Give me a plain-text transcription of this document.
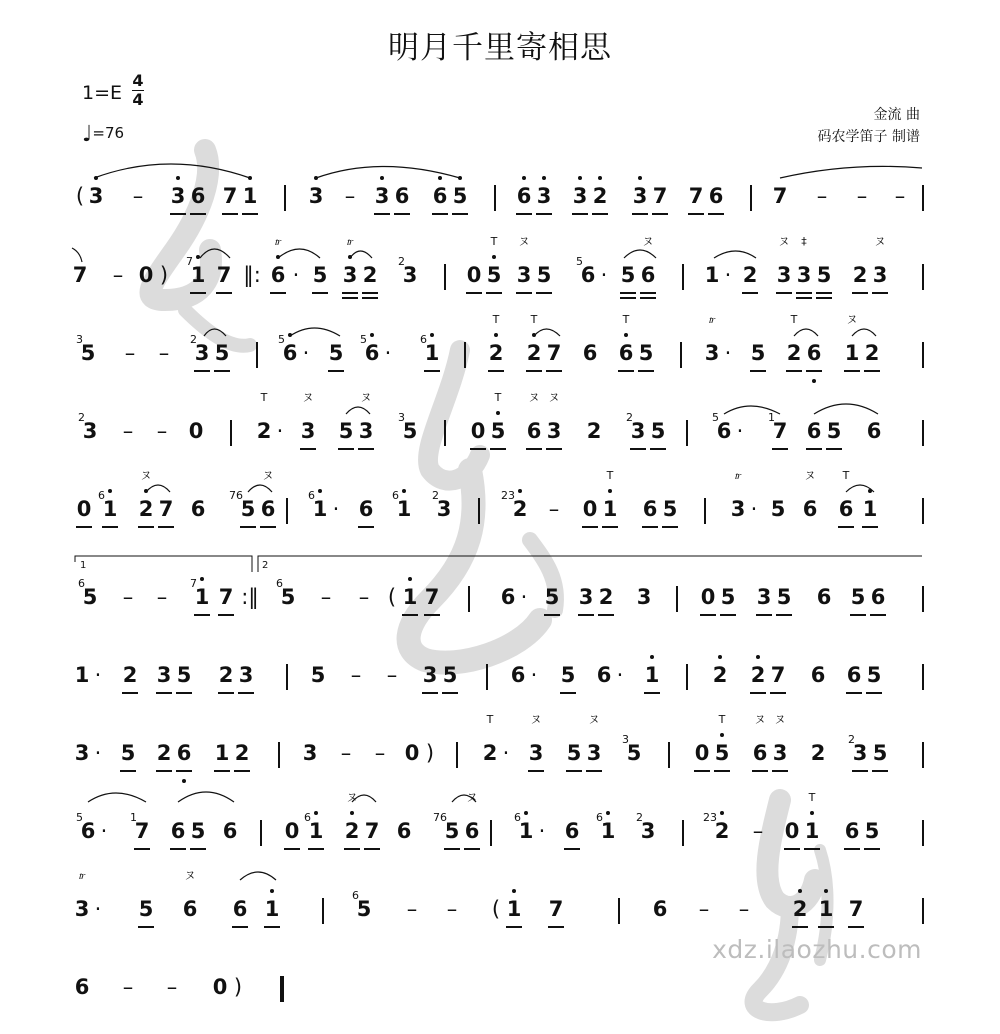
明月千里寄相思
1=E
4
4
♩=76
金流 曲
码农学笛子 制谱
( 3 – 3 6 7 1 3 – 3 6 6 5 6 3 3 2 3 7 7 6 7 – – –
7 – 0 ) 1
7
7 ‖: 6
𝆖
· 5 3
𝆖
2 3
2
0 5
T
3
ヌ
5 6
5
· 5 6
ヌ
1 · 2 3
ヌ
3
‡
5 2 3
ヌ
5
3
– – 3
2
5	6
5
· 5 6
5
·	1
6
2
T
2
T
7 6 6
T
5 3
𝆖
· 5 2
T
6 1
ヌ
2
3
2
– – 0	2
T
· 3
ヌ
5 3
ヌ
5
3
0 5
T
6
ヌ
3
ヌ
2 3
2
5 6
5
·	7
1
6 5 6
0 1
6
2
ヌ
7 6 5
76
6
ヌ
1
6
· 6 1
6
3
2
2
23
– 0 1
T
6 5	3
𝆖
· 5 6
ヌ
6
T
1
5
6
– – 1
7
7 :‖ 5
6
– – ( 1 7	6 · 5 3 2 3 0 5 3 5 6 5 6
1 ·	2 3 5 2 3	5 – – 3 5	6 ·	5 6 ·	1	2 2 7 6 6 5
3 · 5 2 6 1 2	3 – – 0 ) 2
T
· 3
ヌ
5 3
ヌ
5
3
0 5
T
6
ヌ
3
ヌ
2 3
2
5
6
5
·	7
1
6 5 6 0 1
6
2
ヌ
7 6 5
76
6
ヌ
1
6
· 6 1
6
3
2
2
23
– 0 1
T
6 5
3
𝆖
·	5 6
ヌ
6 1	5
6
– – ( 1 7	6 – – 2 1 7
6 – – 0 )
1	2
xdz.ilaozhu.com
